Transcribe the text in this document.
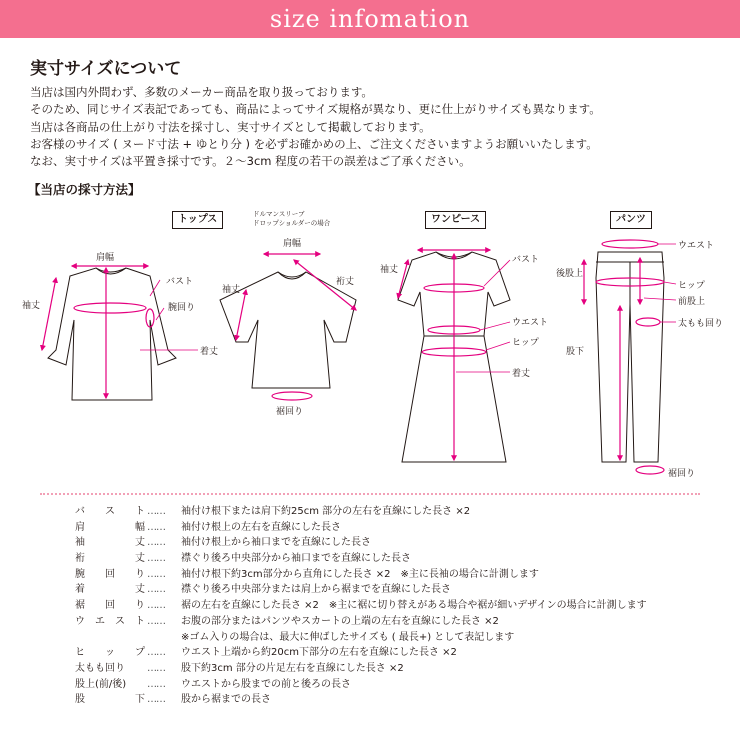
size infomation
実寸サイズについて

当店は国内外問わず、多数のメーカー商品を取り扱っております。

そのため、同じサイズ表記であっても、商品によってサイズ規格が異なり、更に仕上がりサイズも異なります。

当店は各商品の仕上がり寸法を採寸し、実寸サイズとして掲載しております。

お客様のサイズ ( ヌード寸法 + ゆとり分 ) を必ずお確かめの上、ご注文くださいますようお願いいたします。

なお、実寸サイズは平置き採寸です。２〜3cm 程度の若干の誤差はご了承ください。

【当店の採寸方法】
トップス	ドルマンスリーブ
ドロップショルダーの場合	ワンピース	パンツ
肩幅
バスト
袖丈	腕回り
着丈
肩幅
裄丈
袖丈
裾回り
袖丈
バスト
ウエスト
ヒップ
着丈
ウエスト
後股上
ヒップ
前股上
太もも回り
股下
裾回り
バ ス ト ……	袖付け根下または肩下約25cm 部分の左右を直線にした長さ ×2
肩	幅 ……	袖付け根上の左右を直線にした長さ
袖	丈 ……	袖付け根上から袖口までを直線にした長さ
裄	丈 ……	襟ぐり後ろ中央部分から袖口までを直線にした長さ
腕 回 り ……	袖付け根下約3cm部分から直角にした長さ ×2　※主に長袖の場合に計測します
着	丈 ……	襟ぐり後ろ中央部分または肩上から裾までを直線にした長さ
裾 回 り ……	裾の左右を直線にした長さ ×2　※主に裾に切り替えがある場合や裾が細いデザインの場合に計測します
ウ エ ス ト ……	お腹の部分またはパンツやスカートの上端の左右を直線にした長さ ×2
※ゴム入りの場合は、最大に伸ばしたサイズも ( 最長+) として表記します
ヒ ッ プ ……	ウエスト上端から約20cm下部分の左右を直線にした長さ ×2
太もも回り	……	股下約3cm 部分の片足左右を直線にした長さ ×2
股上(前/後)	……	ウエストから股までの前と後ろの長さ
股	下 ……	股から裾までの長さ
